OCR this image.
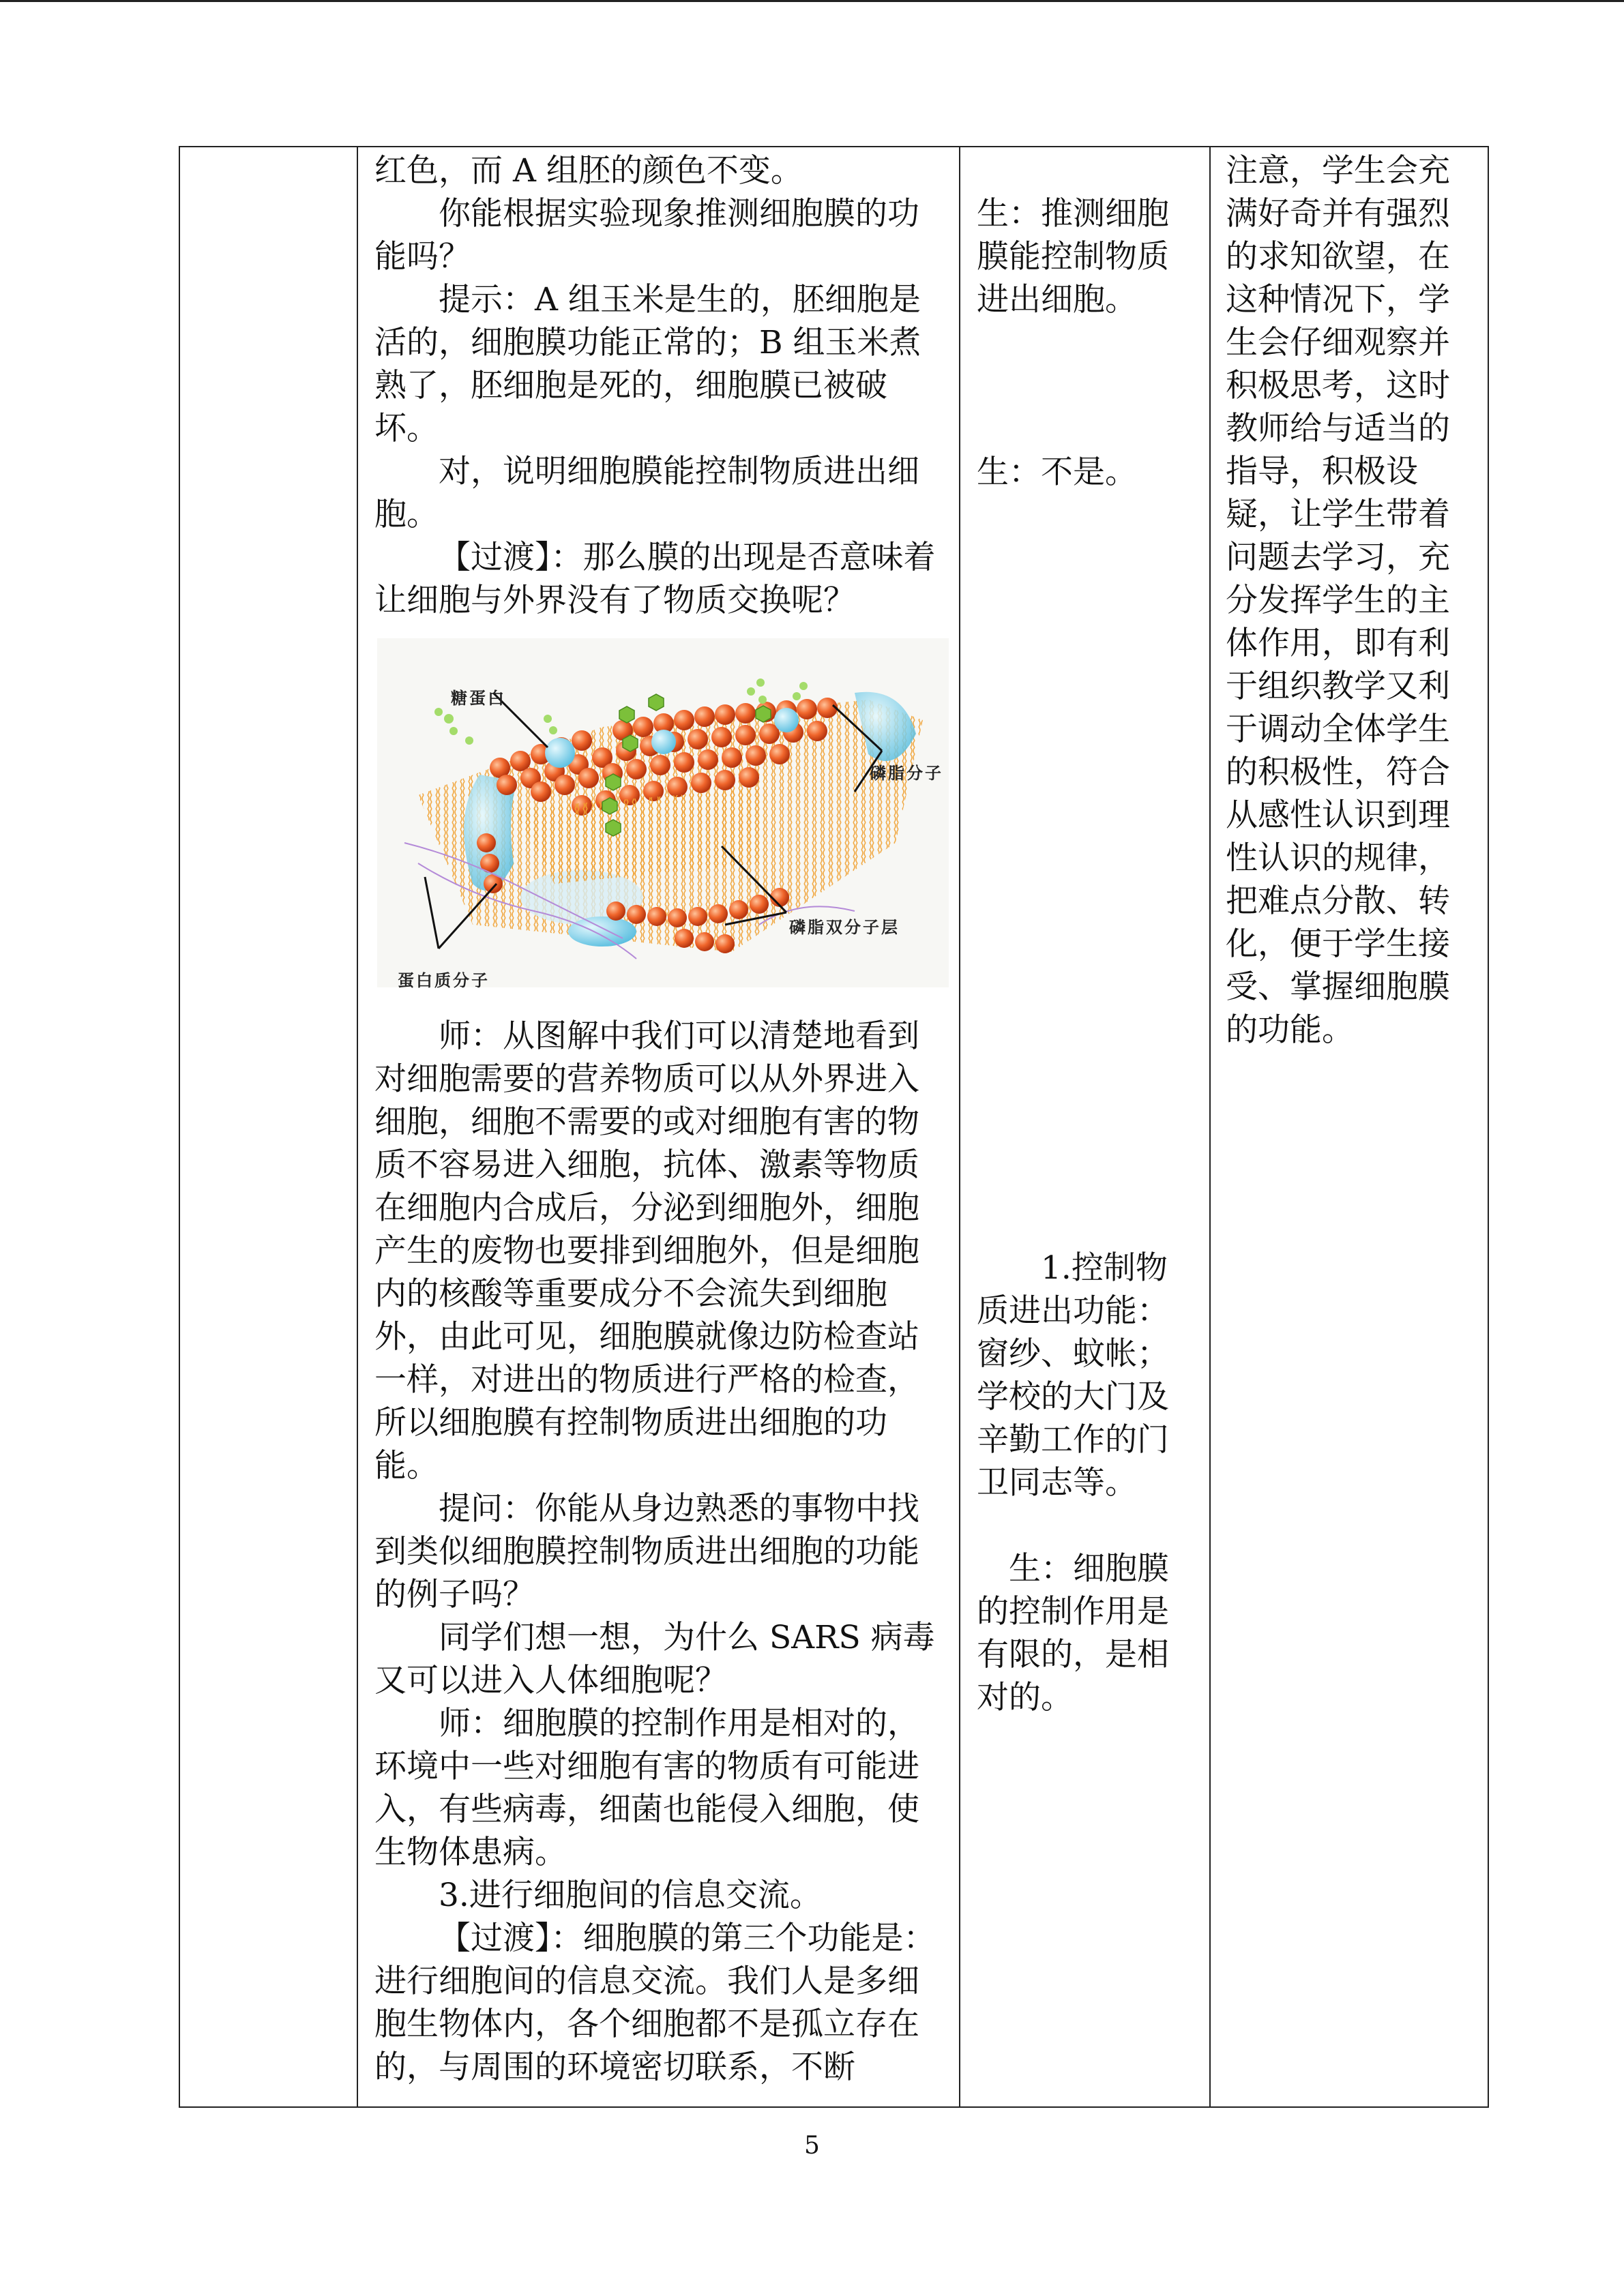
红色，而 A 组胚的颜色不变。

你能根据实验现象推测细胞膜的功能吗？

提示：A 组玉米是生的，胚细胞是活的，细胞膜功能正常的；B 组玉米煮熟了，胚细胞是死的，细胞膜已被破坏。

对，说明细胞膜能控制物质进出细胞。

【过渡】：那么膜的出现是否意味着让细胞与外界没有了物质交换呢？

糖蛋白
磷脂分子
磷脂双分子层
蛋白质分子

师：从图解中我们可以清楚地看到对细胞需要的营养物质可以从外界进入细胞，细胞不需要的或对细胞有害的物质不容易进入细胞，抗体、激素等物质在细胞内合成后，分泌到细胞外，细胞产生的废物也要排到细胞外，但是细胞内的核酸等重要成分不会流失到细胞外，由此可见，细胞膜就像边防检查站一样，对进出的物质进行严格的检查，所以细胞膜有控制物质进出细胞的功能。

提问：你能从身边熟悉的事物中找到类似细胞膜控制物质进出细胞的功能的例子吗？

同学们想一想，为什么 SARS 病毒又可以进入人体细胞呢？

师：细胞膜的控制作用是相对的，环境中一些对细胞有害的物质有可能进入，有些病毒，细菌也能侵入细胞，使生物体患病。

3.进行细胞间的信息交流。

【过渡】：细胞膜的第三个功能是：进行细胞间的信息交流。我们人是多细胞生物体内，各个细胞都不是孤立存在的，与周围的环境密切联系，不断

生：推测细胞膜能控制物质进出细胞。

生：不是。

1.控制物质进出功能：窗纱、蚊帐；学校的大门及辛勤工作的门卫同志等。

生：细胞膜的控制作用是有限的，是相对的。

注意，学生会充满好奇并有强烈的求知欲望，在这种情况下，学生会仔细观察并积极思考，这时教师给与适当的指导，积极设疑，让学生带着问题去学习，充分发挥学生的主体作用，即有利于组织教学又利于调动全体学生的积极性，符合从感性认识到理性认识的规律，把难点分散、转化，便于学生接受、掌握细胞膜的功能。

5
